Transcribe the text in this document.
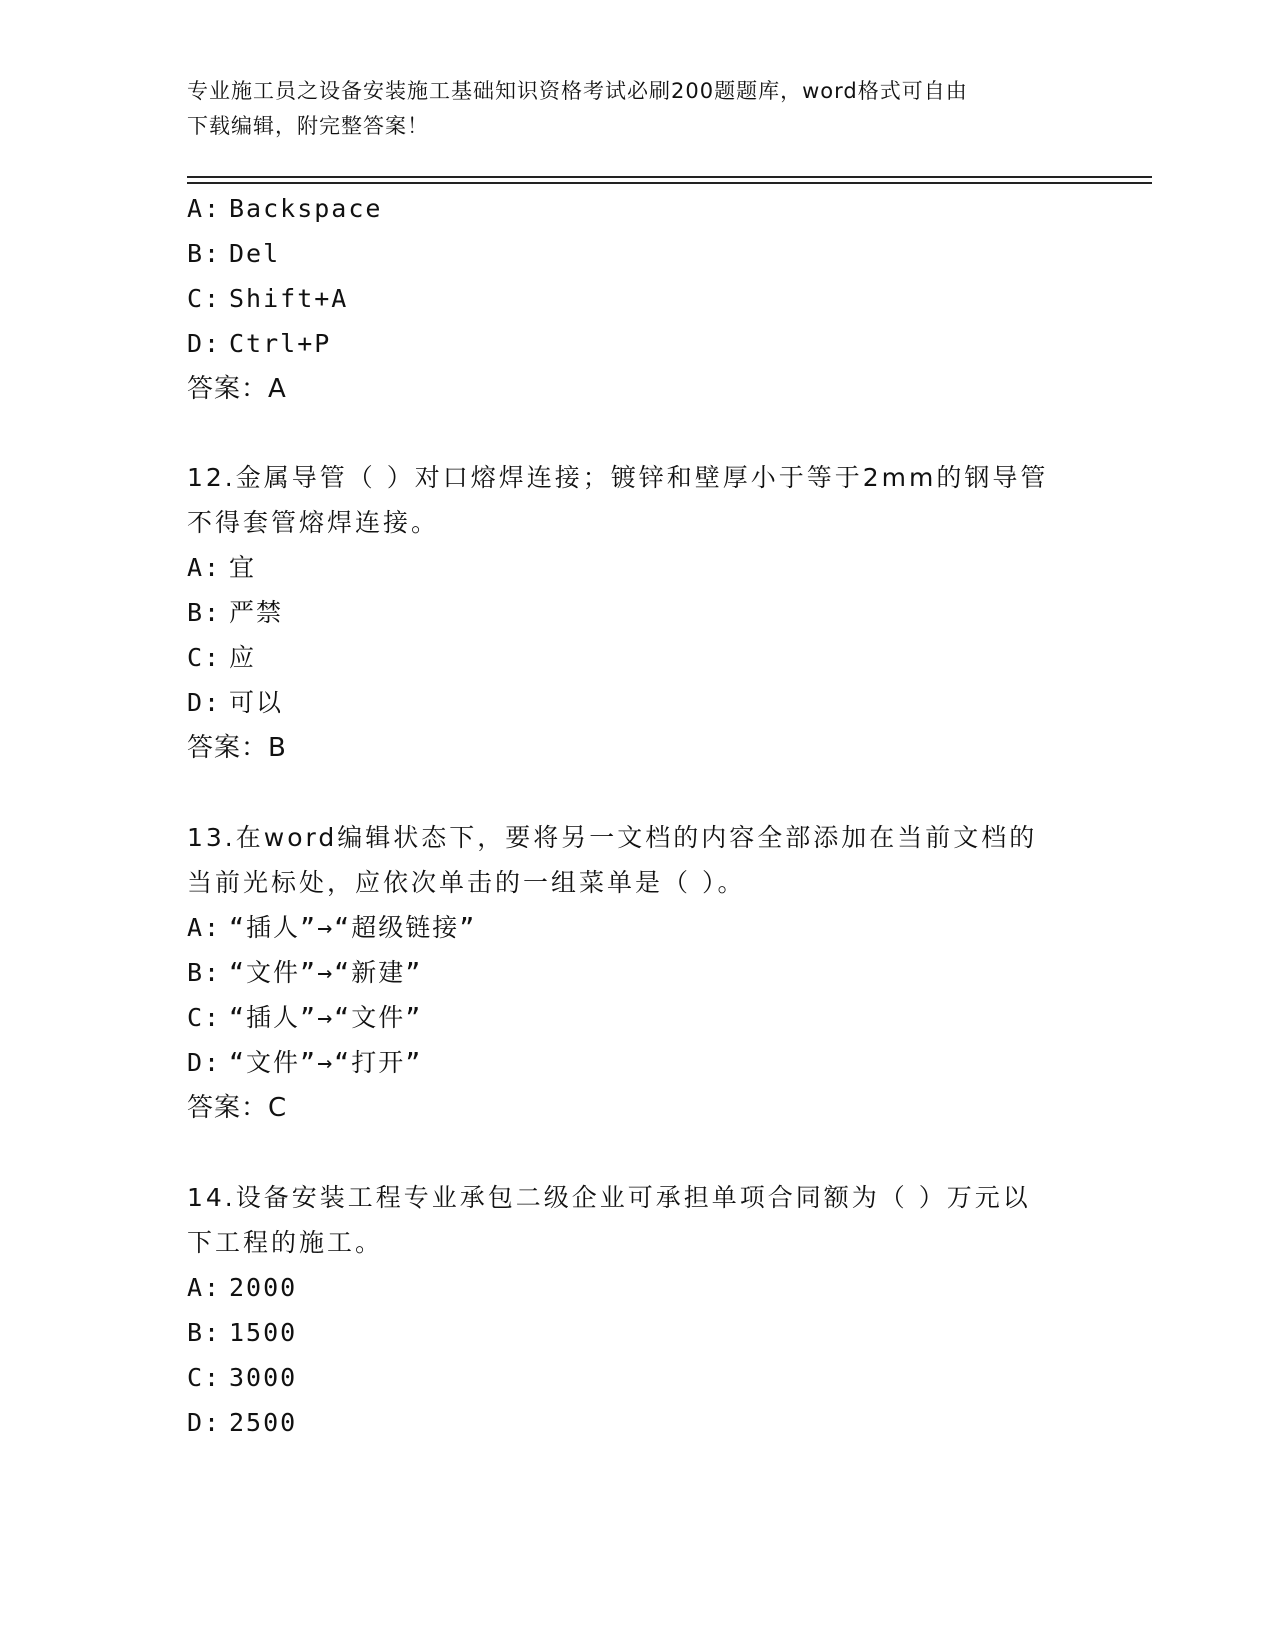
专业施工员之设备安装施工基础知识资格考试必刷200题题库，word格式可自由
下载编辑，附完整答案！
A: Backspace
B: Del
C: Shift+A
D: Ctrl+P
答案：A
12.金属导管（ ）对口熔焊连接；镀锌和壁厚小于等于2mm的钢导管
不得套管熔焊连接。
A: 宜
B: 严禁
C: 应
D: 可以
答案：B
13.在word编辑状态下，要将另一文档的内容全部添加在当前文档的
当前光标处，应依次单击的一组菜单是（ ）。
A: “插人”→“超级链接”
B: “文件”→“新建”
C: “插人”→“文件”
D: “文件”→“打开”
答案：C
14.设备安装工程专业承包二级企业可承担单项合同额为（ ）万元以
下工程的施工。
A: 2000
B: 1500
C: 3000
D: 2500
